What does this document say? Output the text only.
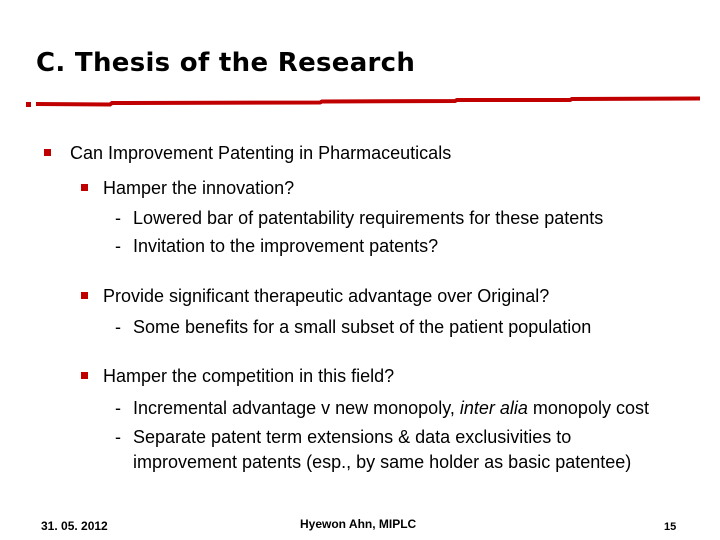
C. Thesis of the Research
Can Improvement Patenting in Pharmaceuticals
Hamper the innovation?
- Lowered bar of patentability requirements for these patents
- Invitation to the improvement patents?
Provide significant therapeutic advantage over Original?
- Some benefits for a small subset of the patient population
Hamper the competition in this field?
- Incremental advantage v new monopoly, inter alia monopoly cost
- Separate patent term extensions & data exclusivities to
improvement patents (esp., by same holder as basic patentee)
31. 05. 2012	Hyewon Ahn, MIPLC	15
